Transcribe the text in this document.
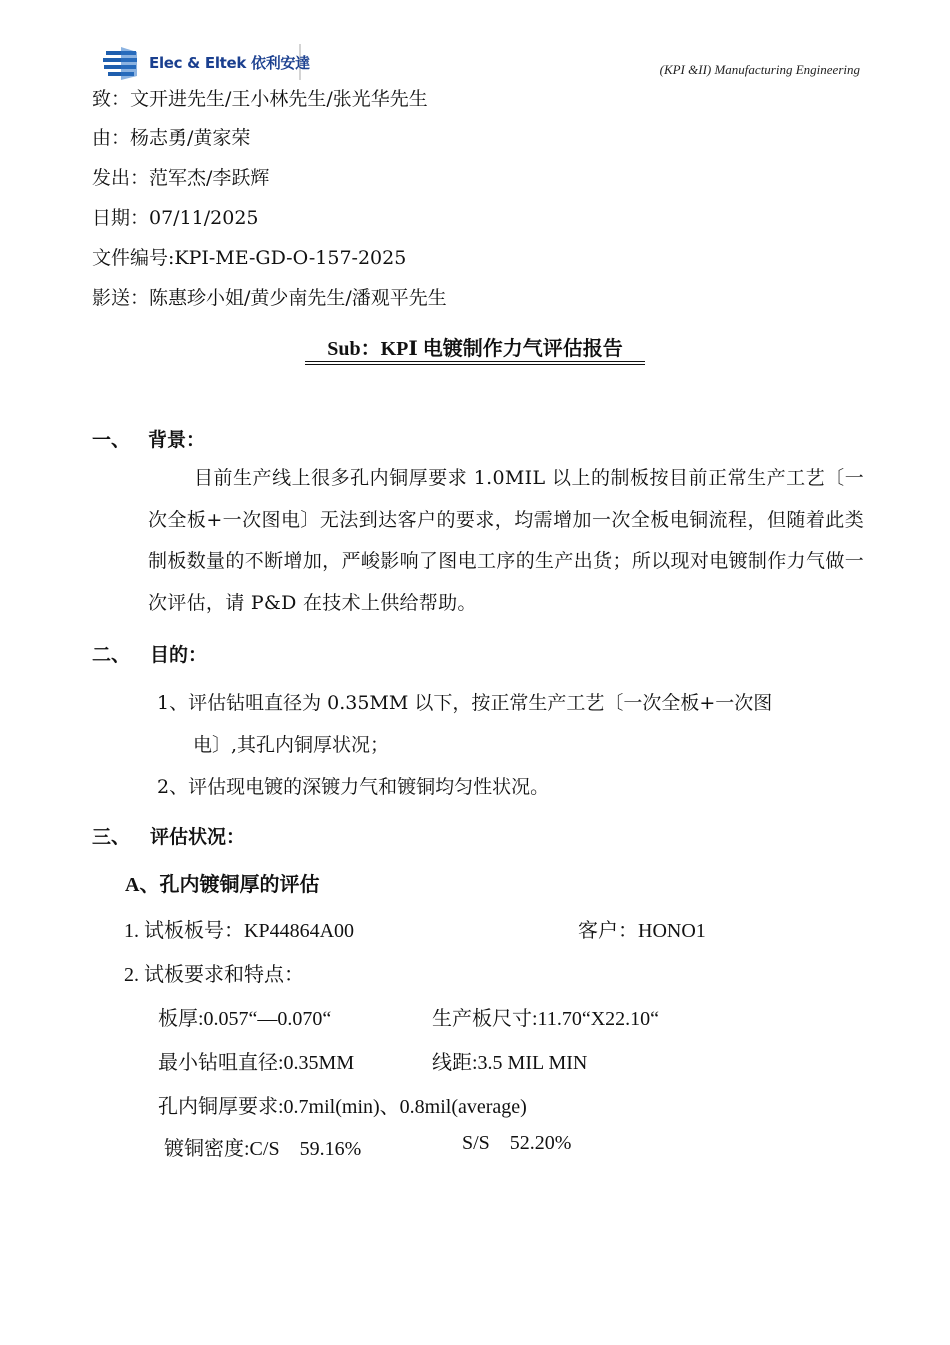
Elec & Eltek 依利安達	(KPI &II) Manufacturing Engineering
致：文开进先生/王小林先生/张光华先生
由：杨志勇/黄家荣
发出：范军杰/李跃辉
日期：07/11/2025
文件编号:KPI-ME-GD-O-157-2025
影送：陈惠珍小姐/黄少南先生/潘观平先生
Sub：KPⅠ 电镀制作力气评估报告
一、 背景：
目前生产线上很多孔内铜厚要求 1.0MIL 以上的制板按目前正常生产工艺〔一次全板+一次图电〕无法到达客户的要求，均需增加一次全板电铜流程，但随着此类制板数量的不断增加，严峻影响了图电工序的生产出货；所以现对电镀制作力气做一次评估，请 P&D 在技术上供给帮助。
二、 目的：
1、评估钻咀直径为 0.35MM 以下，按正常生产工艺〔一次全板+一次图
电〕,其孔内铜厚状况；
2、评估现电镀的深镀力气和镀铜均匀性状况。
三、 评估状况：
A、孔内镀铜厚的评估
1. 试板板号：KP44864A00	客户：HONO1
2. 试板要求和特点：
板厚:0.057“—0.070“	生产板尺寸:11.70“X22.10“
最小钻咀直径:0.35MM	线距:3.5 MIL MIN
孔内铜厚要求:0.7mil(min)、0.8mil(average)
镀铜密度:C/S    59.16%	S/S    52.20%
